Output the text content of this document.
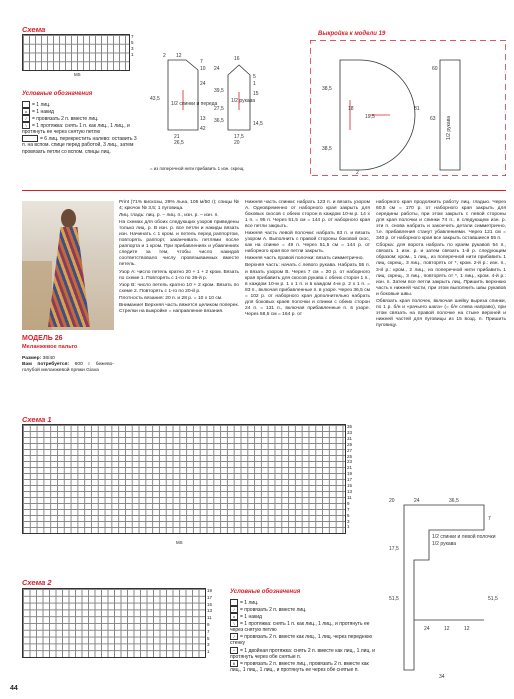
Схема
7
5
3
1
MS
Условные обозначения
= 1 лиц.
o = 1 накид
/ = провязать 2 п. вместе лиц.
\ = 1 протяжка: снять 1 п. как лиц., 1 лиц., и протянуть ее через снятую петлю
= 6 лиц. перекрестить налево: оставить 3 п. на вспом. спице перед работой, 3 лиц., затем провязать петли со вспом. спицы лиц.
= из поперечной нити прибавить 1 изн. скрещ.
1/2 спинки и переда
43,5
12
24
2
21
26,5
13
42
10
7
1/2 рукава
16
17,5
39,5
27,5
36,5
24
5
1
14,5
20
15
Выкройка к модели 19
38,5
18
19,5
81
60
38,5
63
2
1/2 рукава
МОДЕЛЬ 26
Меланжевое пальто
Размер: 38/40
Вам потребуется: 600 г бежево-голубой меланжевой пряжи Giava

Print (71% вискозы, 29% льна, 105 м/50 г); спицы № 4; крючок № 3,5; 1 пуговица.

Лиц. гладь: лиц. р. – лиц. п., изн. р. – изн. п.

На схемах для обоих следующих узоров приведены только лиц. р. В изн. р. все петли и накиды вязать изн. Начинать с 1 кром. и петель перед раппортом, повторять раппорт, заканчивать петлями после раппорта и 1 кром. При прибавлениях и убавлениях следите за тем, чтобы число накидов соответствовало числу провязываемых вместе петель.

Узор А: число петель кратно 20 + 1 + 2 кром. Вязать по схеме 1. Повторять с 1-го по 36-й р.

Узор В: число петель кратно 10 + 2 кром. Вязать по схеме 2. Повторять с 1-го по 20-й р.

Плотность вязания: 20 п. и 28 р. = 10 х 10 см.

Внимание! Верхняя часть вяжется целиком поперек. Стрелки на выкройке = направление вязания.

Нижняя часть спинки: набрать 123 п. и вязать узором А. Одновременно от наборного края закрыть для боковых скосов с обеих сторон в каждом 10-м р. 14 х 1 п. = 95 п. Через 51,5 см = 144 р. от наборного края все петли закрыть.

Нижняя часть левой полочки: набрать 63 п. и вязать узором А. Выполнить с правой стороны боковой скос, как на спинке = 49 п. Через 51,5 см = 144 р. от наборного края все петли закрыть.

Нижняя часть правой полочки: вязать симметрично.

Верхняя часть: начать с левого рукава. Набрать 55 п. и вязать узором В. Через 7 см = 20 р. от наборного края прибавить для скосов рукава с обеих сторон 1 п., в каждом 10-м р. 1 х 1 п. и в каждом 4-м р. 2 х 1 п. = 83 п., включая прибавленные п. в узоре. Через 36,5 см = 102 р. от наборного края дополнительно набрать для боковых краев полочки и спинки с обеих сторон 24 п. = 131 п., включая прибавленные п. в узоре. Через 58,5 см = 164 р. от

наборного края продолжить работу лиц. гладью. Через 60,5 см = 170 р. от наборного края закрыть для середины работы, при этом закрыть с левой стороны для края полочки и спинки 74 п., в следующем изн. р. эти п. снова набрать и закончить детали симметрично, т.е. прибавления станут убавлениями. Через 121 см = 340 р. от наборного края все закрыть оставшиеся 55 п.

Сборка: для ворота набрать по краям рукавов 54 п., связать 1 изн. р. и затем связать 1-й р. следующим образом: кром., 1 лиц., из поперечной нити прибавить 1 лиц. скрещ., 3 лиц., повторять от *, кром. 2-й р.: изн. п., 3-й р.: кром., 2 лиц., из поперечной нити прибавить 1 лиц. скрещ., 3 лиц., повторять от *, 1 лиц., кром. 4-й р.: изн. п. Затем все петли закрыть лиц. Пришить верхнюю часть к нижней части, при этом выполнить швы рукавов и боковые швы.

Обвязать края полочек, включая шейку выреза спинки, по 1 р. б/н и «рачьего шага» (= б/н слева направо), при этом связать на правой полочке на стыке верхней и нижней частей для пуговицы из 15 возд. п. Пришить пуговицу.

Схема 1
35
33
31
29
27
25
23
21
19
17
15
13
11
9
7
5
3
1
MS
Схема 2
19
17
15
13
11
9
7
5
3
1
Условные обозначения
= 1 лиц.
/ = провязать 2 п. вместе лиц.
o = 1 накид
\ = 1 протяжка: снять 1 п. как лиц., 1 лиц., и протянуть ее через снятую петлю
/ = провязать 2 п. вместе как лиц., 1 лиц. через переднюю стенку
^ = 1 двойная протяжка: снять 2 п. вместе как лиц., 1 лиц. и протянуть через обе снятые п.
6 = провязать 2 п. вместе лиц., провязать 2 п. вместе как лиц., 1 лиц., 1 лиц., и протянуть ее через обе снятые п.
20	24	36,5
7
1/2 спинки и левой полочки
1/2 рукава
17,5
51,5	51,5
24	12	12
34
44
